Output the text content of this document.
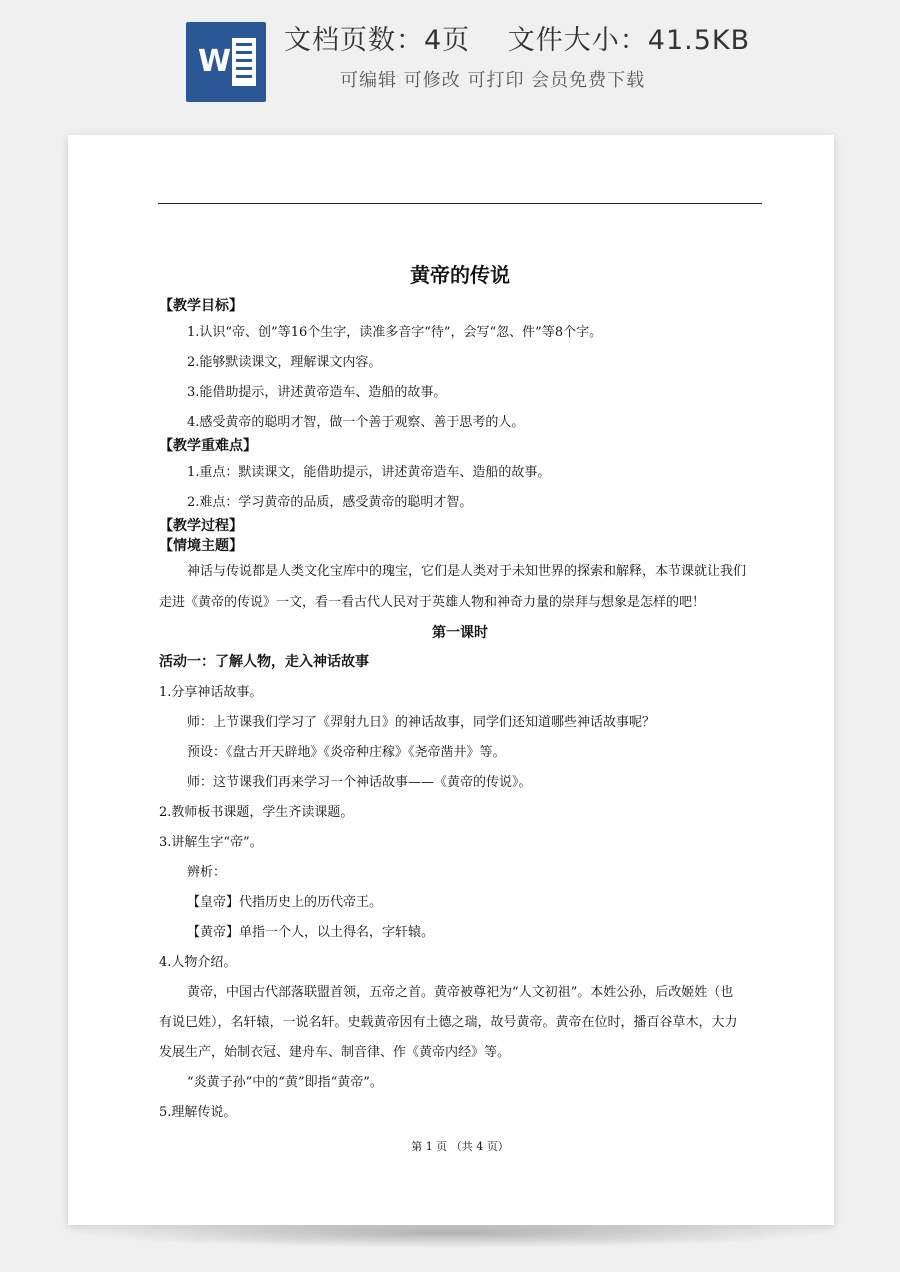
W
文档页数：4页　 文件大小：41.5KB
可编辑 可修改 可打印 会员免费下载
黄帝的传说
【教学目标】
1.认识“帝、创”等16个生字，读准多音字“待”，会写“忽、件”等8个字。
2.能够默读课文，理解课文内容。
3.能借助提示，讲述黄帝造车、造船的故事。
4.感受黄帝的聪明才智，做一个善于观察、善于思考的人。
【教学重难点】
1.重点：默读课文，能借助提示，讲述黄帝造车、造船的故事。
2.难点：学习黄帝的品质，感受黄帝的聪明才智。
【教学过程】
【情境主题】
神话与传说都是人类文化宝库中的瑰宝，它们是人类对于未知世界的探索和解释，本节课就让我们
走进《黄帝的传说》一文，看一看古代人民对于英雄人物和神奇力量的崇拜与想象是怎样的吧！
第一课时
活动一：了解人物，走入神话故事
1.分享神话故事。
师：上节课我们学习了《羿射九日》的神话故事，同学们还知道哪些神话故事呢？
预设：《盘古开天辟地》《炎帝种庄稼》《尧帝凿井》等。
师：这节课我们再来学习一个神话故事——《黄帝的传说》。
2.教师板书课题，学生齐读课题。
3.讲解生字“帝”。
辨析：
【皇帝】代指历史上的历代帝王。
【黄帝】单指一个人，以土得名，字轩辕。
4.人物介绍。
黄帝，中国古代部落联盟首领，五帝之首。黄帝被尊祀为“人文初祖”。本姓公孙，后改姬姓（也
有说巳姓），名轩辕，一说名轩。史载黄帝因有土德之瑞，故号黄帝。黄帝在位时，播百谷草木，大力
发展生产，始制衣冠、建舟车、制音律、作《黄帝内经》等。
“炎黄子孙”中的“黄”即指“黄帝”。
5.理解传说。
第 1 页 （共 4 页）
